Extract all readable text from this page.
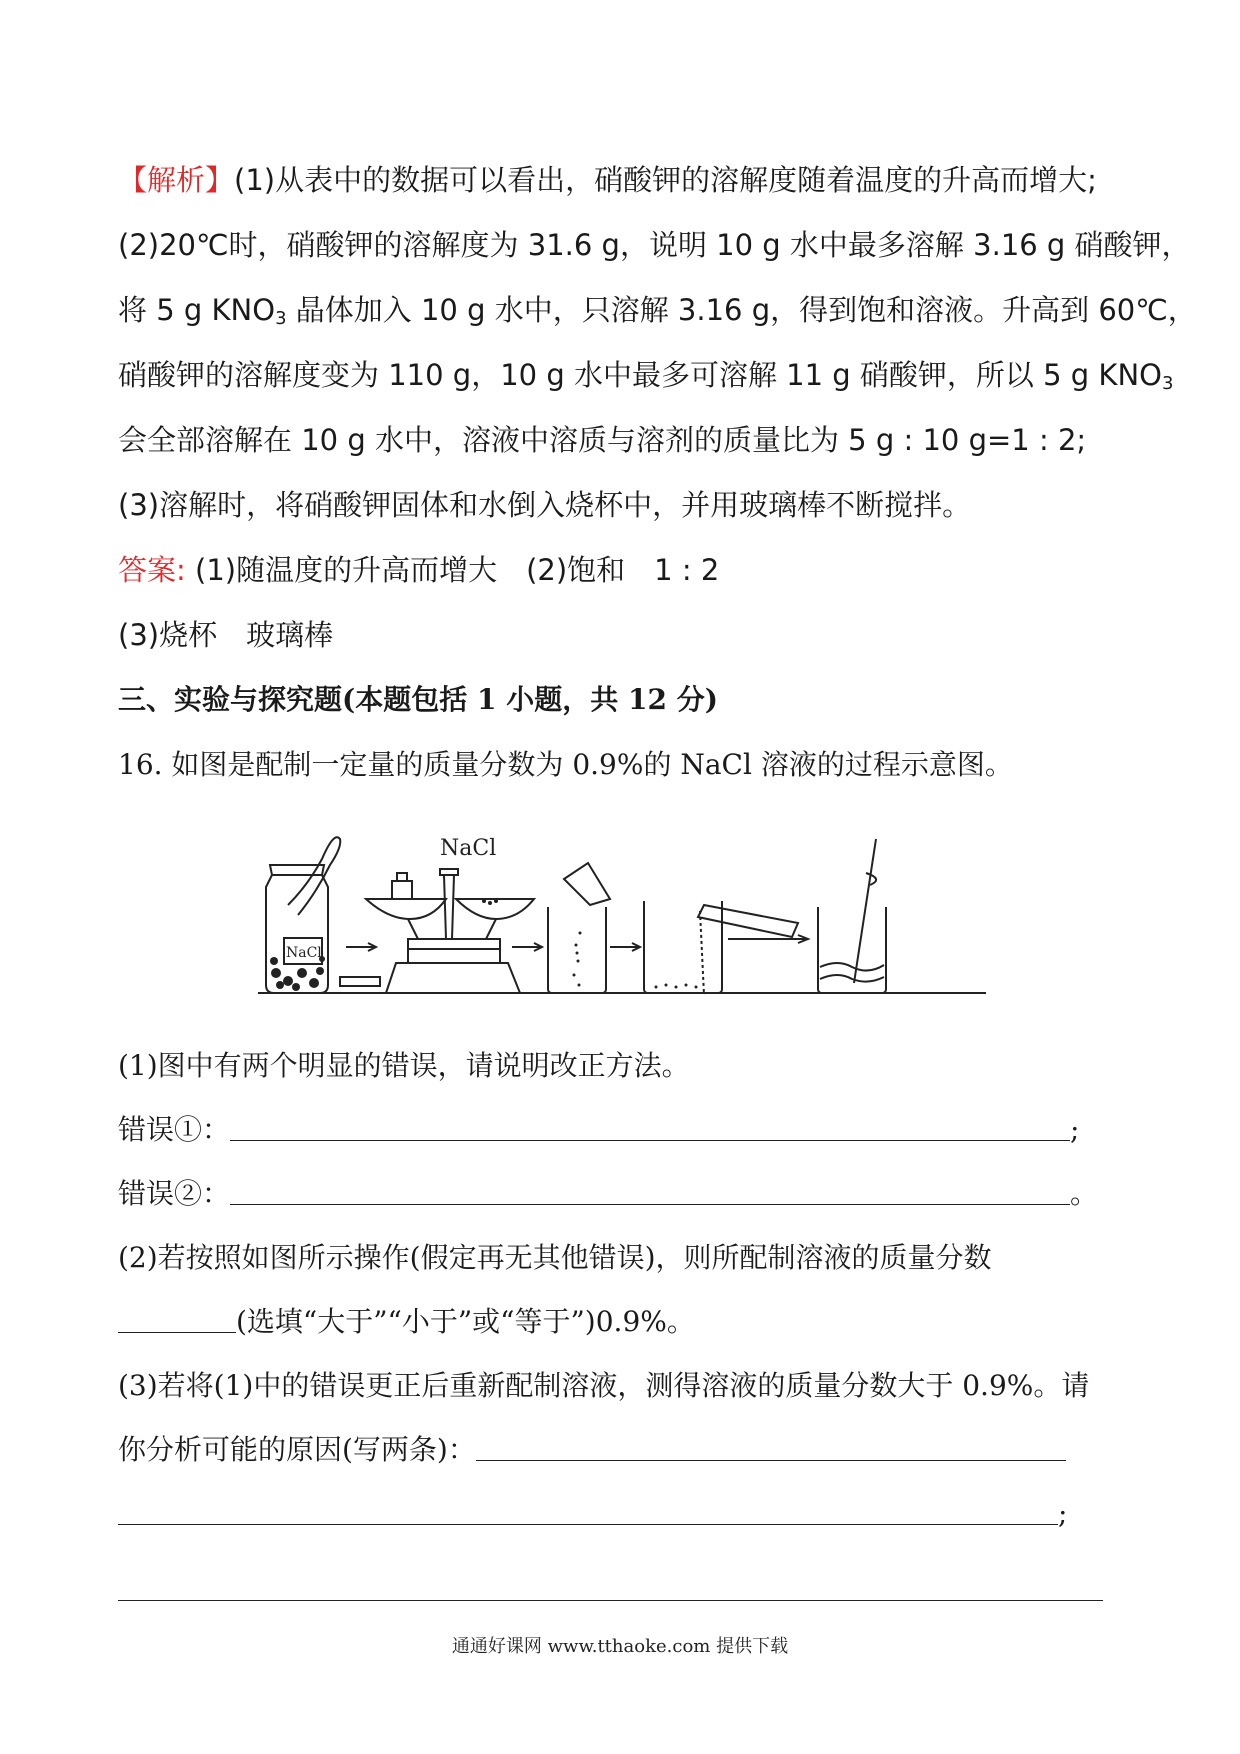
【解析】(1)从表中的数据可以看出，硝酸钾的溶解度随着温度的升高而增大;
(2)20℃时，硝酸钾的溶解度为 31.6 g，说明 10 g 水中最多溶解 3.16 g 硝酸钾，
将 5 g $KNO_3$ 晶体加入 10 g 水中，只溶解 3.16 g，得到饱和溶液。升高到 60℃，
硝酸钾的溶解度变为 110 g，10 g 水中最多可溶解 11 g 硝酸钾，所以 5 g $KNO_3$
会全部溶解在 10 g 水中，溶液中溶质与溶剂的质量比为 5 g : 10 g=1 : 2;
(3)溶解时，将硝酸钾固体和水倒入烧杯中，并用玻璃棒不断搅拌。
答案: (1)随温度的升高而增大　(2)饱和　1 : 2
(3)烧杯　玻璃棒
三、实验与探究题(本题包括 1 小题，共 12 分)
16. 如图是配制一定量的质量分数为 0.9%的 NaCl 溶液的过程示意图。
NaCl
NaCl
(1)图中有两个明显的错误，请说明改正方法。
错误①：	;
错误②：	。
(2)若按照如图所示操作(假定再无其他错误)，则所配制溶液的质量分数
(选填“大于”“小于”或“等于”)0.9%。
(3)若将(1)中的错误更正后重新配制溶液，测得溶液的质量分数大于 0.9%。请
你分析可能的原因(写两条)：
;
通通好课网 www.tthaoke.com 提供下载
